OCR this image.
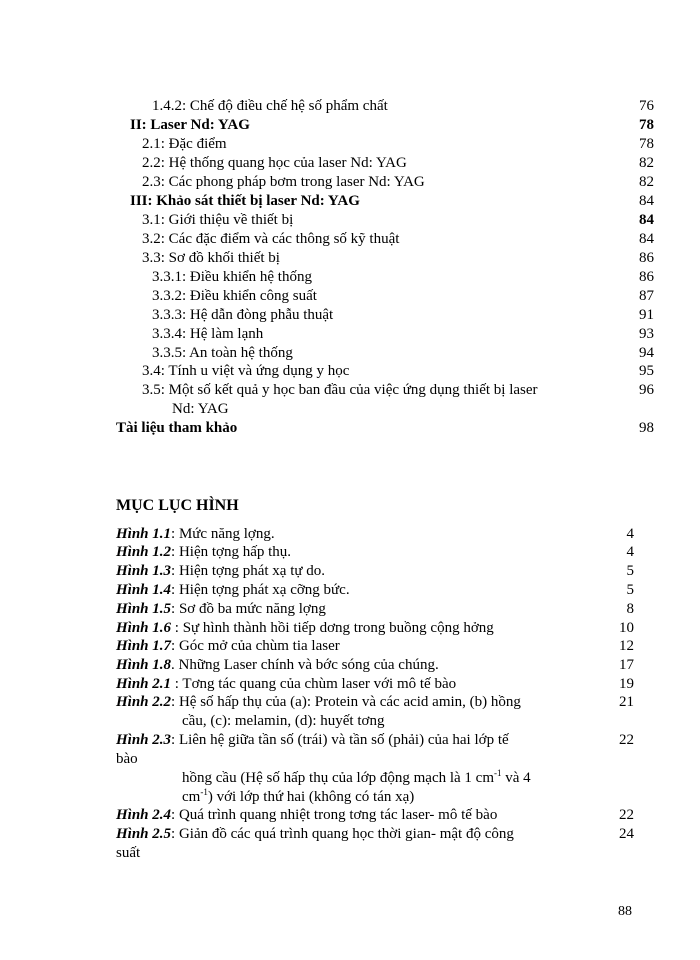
1.4.2: Chế độ điều chế hệ số phẩm chất	76
II: Laser Nd: YAG	78
2.1: Đặc điểm	78
2.2: Hệ thống quang học của laser Nd: YAG	82
2.3: Các phong pháp bơm trong laser Nd: YAG	82
III: Khảo sát thiết bị laser Nd: YAG	84
3.1: Giới thiệu về thiết bị	84
3.2: Các đặc điểm và các thông số kỹ thuật	84
3.3: Sơ đồ khối thiết bị	86
3.3.1: Điều khiển hệ thống	86
3.3.2: Điều khiển công suất	87
3.3.3: Hệ dẫn đòng phẫu thuật	91
3.3.4: Hệ làm lạnh	93
3.3.5: An toàn hệ thống	94
3.4: Tính u việt và ứng dụng y học	95
3.5: Một số kết quả y học ban đầu của việc ứng dụng thiết bị laser	96
Nd: YAG
Tài liệu tham khảo	98
MỤC LỤC HÌNH
Hình 1.1: Mức năng lợng.	4
Hình 1.2: Hiện tợng hấp thụ.	4
Hình 1.3: Hiện tợng phát xạ tự do.	5
Hình 1.4: Hiện tợng phát xạ cỡng bức.	5
Hình 1.5: Sơ đồ ba mức năng lợng	8
Hình 1.6 : Sự hình thành hồi tiếp dơng trong buồng cộng hởng	10
Hình 1.7: Góc mở của chùm tia laser	12
Hình 1.8. Những Laser chính và bớc sóng của chúng.	17
Hình 2.1 : Tơng tác quang của chùm laser với mô tế bào	19
Hình 2.2: Hệ số hấp thụ của (a): Protein và các acid amin, (b) hồng	21
cầu, (c): melamin, (d): huyết tơng
Hình 2.3: Liên hệ giữa tần số (trái) và tần số (phải) của hai lớp tế	22
bào
hồng cầu (Hệ số hấp thụ của lớp động mạch là 1 $cm^{-1}$ và 4
$cm^{-1}$) với lớp thứ hai (không có tán xạ)
Hình 2.4: Quá trình quang nhiệt trong tơng tác laser- mô tế bào	22
Hình 2.5: Giản đồ các quá trình quang học thời gian- mật độ công	24
suất
88
